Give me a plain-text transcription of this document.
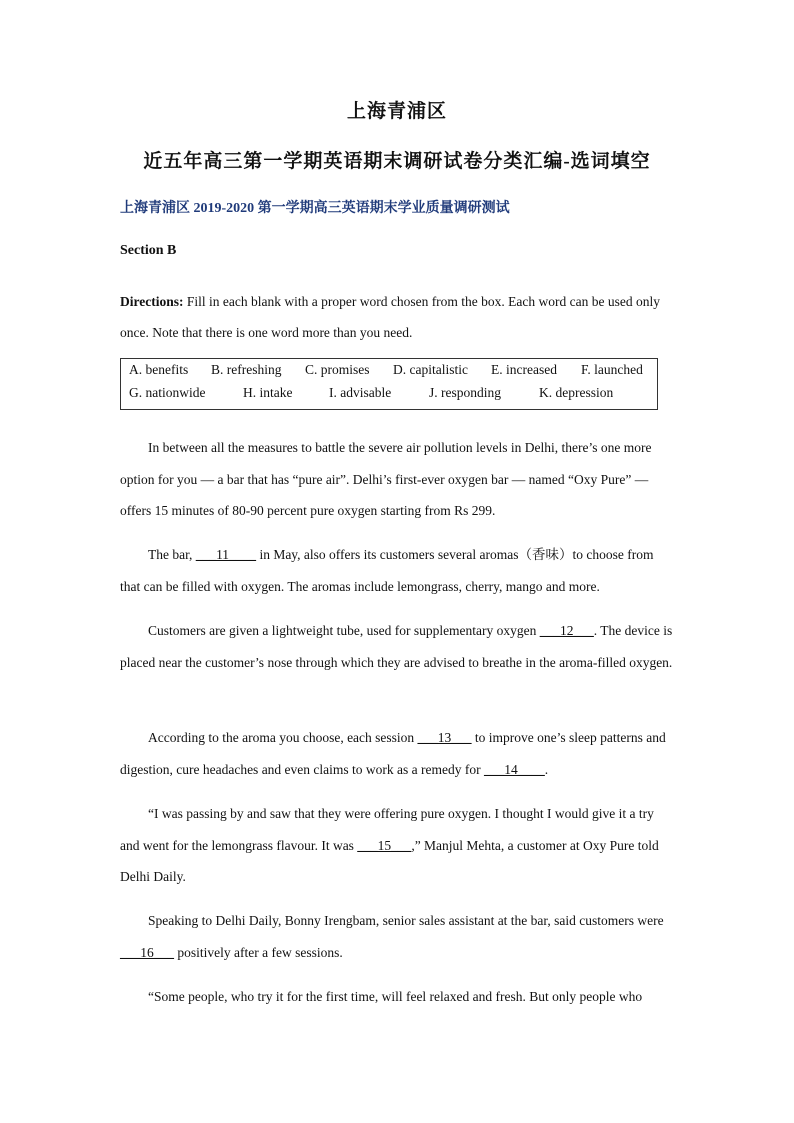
上海青浦区
近五年高三第一学期英语期末调研试卷分类汇编-选词填空
上海青浦区 2019-2020 第一学期高三英语期末学业质量调研测试
Section B
Directions: Fill in each blank with a proper word chosen from the box. Each word can be used only once. Note that there is one word more than you need.
A. benefits B. refreshing C. promises D. capitalistic E. increased F. launched
G. nationwide	H. intake	I. advisable	J. responding	K. depression
In between all the measures to battle the severe air pollution levels in Delhi, there’s one more option for you — a bar that has “pure air”. Delhi’s first-ever oxygen bar — named “Oxy Pure” — offers 15 minutes of 80-90 percent pure oxygen starting from Rs 299.
The bar, ___11____ in May, also offers its customers several aromas（香味）to choose from that can be filled with oxygen. The aromas include lemongrass, cherry, mango and more.
Customers are given a lightweight tube, used for supplementary oxygen ___12___. The device is placed near the customer’s nose through which they are advised to breathe in the aroma-filled oxygen.
According to the aroma you choose, each session ___13___ to improve one’s sleep patterns and digestion, cure headaches and even claims to work as a remedy for ___14____.
“I was passing by and saw that they were offering pure oxygen. I thought I would give it a try and went for the lemongrass flavour. It was ___15___,” Manjul Mehta, a customer at Oxy Pure told Delhi Daily.
Speaking to Delhi Daily, Bonny Irengbam, senior sales assistant at the bar, said customers were ___16___ positively after a few sessions.
“Some people, who try it for the first time, will feel relaxed and fresh. But only people who
